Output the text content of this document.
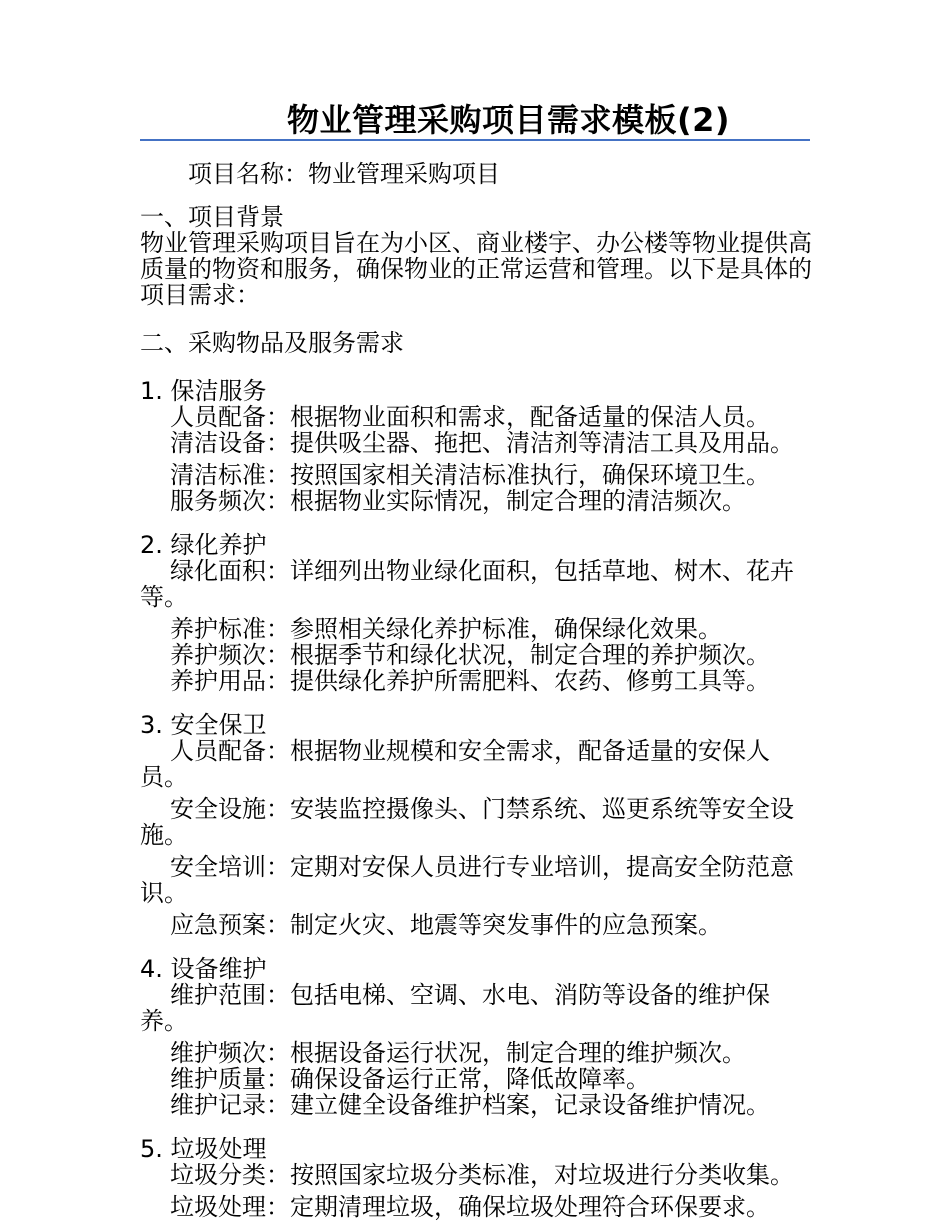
物业管理采购项目需求模板(2)

项目名称：物业管理采购项目

一、项目背景

物业管理采购项目旨在为小区、商业楼宇、办公楼等物业提供高质量的物资和服务，确保物业的正常运营和管理。以下是具体的项目需求：

二、采购物品及服务需求

1. 保洁服务

人员配备：根据物业面积和需求，配备适量的保洁人员。

清洁设备：提供吸尘器、拖把、清洁剂等清洁工具及用品。

清洁标准：按照国家相关清洁标准执行，确保环境卫生。

服务频次：根据物业实际情况，制定合理的清洁频次。

2. 绿化养护

绿化面积：详细列出物业绿化面积，包括草地、树木、花卉等。

养护标准：参照相关绿化养护标准，确保绿化效果。

养护频次：根据季节和绿化状况，制定合理的养护频次。

养护用品：提供绿化养护所需肥料、农药、修剪工具等。

3. 安全保卫

人员配备：根据物业规模和安全需求，配备适量的安保人员。

安全设施：安装监控摄像头、门禁系统、巡更系统等安全设施。

安全培训：定期对安保人员进行专业培训，提高安全防范意识。

应急预案：制定火灾、地震等突发事件的应急预案。

4. 设备维护

维护范围：包括电梯、空调、水电、消防等设备的维护保养。

维护频次：根据设备运行状况，制定合理的维护频次。

维护质量：确保设备运行正常，降低故障率。

维护记录：建立健全设备维护档案，记录设备维护情况。

5. 垃圾处理

垃圾分类：按照国家垃圾分类标准，对垃圾进行分类收集。

垃圾处理：定期清理垃圾，确保垃圾处理符合环保要求。
